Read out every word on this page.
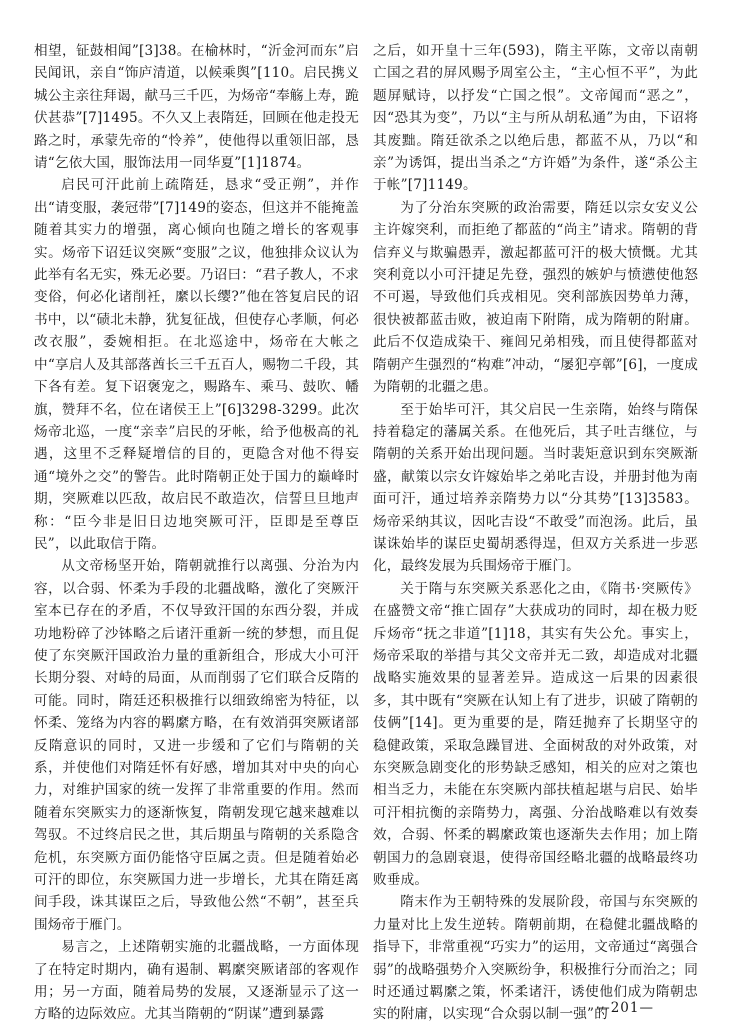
相望，钲鼓相闻”[3]38。在榆林时，“沂金河而东”启民闻讯，亲自“饰庐清道，以候乘舆”[110。启民携义城公主亲往拜谒，献马三千匹，为炀帝“奉觞上寿，跪伏甚恭”[7]1495。不久又上表隋廷，回顾在他走投无路之时，承蒙先帝的“怜养”，使他得以重领旧部，恳请“乞依大国，服饰法用一同华夏”[1]1874。

启民可汗此前上疏隋廷，恳求“受正朔”，并作出“请变服，袭冠带”[7]149的姿态，但这并不能掩盖随着其实力的增强，离心倾向也随之增长的客观事实。炀帝下诏廷议突厥“变服”之议，他独排众议认为此举有名无实，殊无必要。乃诏曰：“君子教人，不求变俗，何必化诸削衽，縻以长缨?”他在答复启民的诏书中，以“碛北未静，犹复征战，但使存心孝顺，何必改衣服”，委婉相拒。在北巡途中，炀帝在大帐之中“享启人及其部落酋长三千五百人，赐物二千段，其下各有差。复下诏褒宠之，赐路车、乘马、鼓吹、幡旗，赞拜不名，位在诸侯王上”[6]3298-3299。此次炀帝北巡，一度“亲幸”启民的牙帐，给予他极高的礼遇，这里不乏释疑增信的目的，更隐含对他不得妄通“境外之交”的警告。此时隋朝正处于国力的巅峰时期，突厥难以匹敌，故启民不敢造次，信誓旦旦地声称：“臣今非是旧日边地突厥可汗，臣即是至尊臣民”，以此取信于隋。

从文帝杨坚开始，隋朝就推行以离强、分治为内容，以合弱、怀柔为手段的北疆战略，激化了突厥汗室本已存在的矛盾，不仅导致汗国的东西分裂，并成功地粉碎了沙钵略之后诸汗重新一统的梦想，而且促使了东突厥汗国政治力量的重新组合，形成大小可汗长期分裂、对峙的局面，从而削弱了它们联合反隋的可能。同时，隋廷还积极推行以细致绵密为特征，以怀柔、笼络为内容的羁縻方略，在有效消弭突厥诸部反隋意识的同时，又进一步缓和了它们与隋朝的关系，并使他们对隋廷怀有好感，增加其对中央的向心力，对维护国家的统一发挥了非常重要的作用。然而随着东突厥实力的逐渐恢复，隋朝发现它越来越难以驾驭。不过终启民之世，其后期虽与隋朝的关系隐含危机，东突厥方面仍能恪守臣属之责。但是随着始必可汗的即位，东突厥国力进一步增长，尤其在隋廷离间手段，诛其谋臣之后，导致他公然“不朝”，甚至兵围炀帝于雁门。

易言之，上述隋朝实施的北疆战略，一方面体现了在特定时期内，确有遏制、羁縻突厥诸部的客观作用；另一方面，随着局势的发展，又逐渐显示了这一方略的边际效应。尤其当隋朝的“阴谋”遭到暴露

之后，如开皇十三年(593)，隋主平陈，文帝以南朝亡国之君的屏风赐予周室公主，“主心恒不平”，为此题屏赋诗，以抒发“亡国之恨”。文帝闻而“恶之”，因“恐其为变”，乃以“主与所从胡私通”为由，下诏将其废黜。隋廷欲杀之以绝后患，都蓝不从，乃以“和亲”为诱饵，提出当杀之“方许婚”为条件，遂“杀公主于帐”[7]1149。

为了分治东突厥的政治需要，隋廷以宗女安义公主许嫁突利，而拒绝了都蓝的“尚主”请求。隋朝的背信弃义与欺骗愚弄，激起都蓝可汗的极大愤慨。尤其突利竟以小可汗捷足先登，强烈的嫉妒与愤懑使他怒不可遏，导致他们兵戎相见。突利部族因势单力薄，很快被都蓝击败，被迫南下附隋，成为隋朝的附庸。此后不仅造成染干、雍闾兄弟相残，而且使得都蓝对隋朝产生强烈的“构难”冲动，“屡犯亭鄣”[6]，一度成为隋朝的北疆之患。

至于始毕可汗，其父启民一生亲隋，始终与隋保持着稳定的藩属关系。在他死后，其子吐吉继位，与隋朝的关系开始出现问题。当时裴矩意识到东突厥渐盛，献策以宗女许嫁始毕之弟叱吉设，并册封他为南面可汗，通过培养亲隋势力以“分其势”[13]3583。炀帝采纳其议，因叱吉设“不敢受”而泡汤。此后，虽谋诛始毕的谋臣史蜀胡悉得逞，但双方关系进一步恶化，最终发展为兵围炀帝于雁门。

关于隋与东突厥关系恶化之由，《隋书·突厥传》在盛赞文帝“推亡固存”大获成功的同时，却在极力贬斥炀帝“抚之非道”[1]18，其实有失公允。事实上，炀帝采取的举措与其父文帝并无二致，却造成对北疆战略实施效果的显著差异。造成这一后果的因素很多，其中既有“突厥在认知上有了进步，识破了隋朝的伎俩”[14]。更为重要的是，隋廷抛弃了长期坚守的稳健政策，采取急躁冒进、全面树敌的对外政策，对东突厥急剧变化的形势缺乏感知，相关的应对之策也相当乏力，未能在东突厥内部扶植起堪与启民、始毕可汗相抗衡的亲隋势力，离强、分治战略难以有效奏效，合弱、怀柔的羁縻政策也逐渐失去作用；加上隋朝国力的急剧衰退，使得帝国经略北疆的战略最终功败垂成。

隋末作为王朝特殊的发展阶段，帝国与东突厥的力量对比上发生逆转。隋朝前期，在稳健北疆战略的指导下，非常重视“巧实力”的运用，文帝通过“离强合弱”的战略强势介入突厥纷争，积极推行分而治之；同时还通过羁縻之策，怀柔诸汗，诱使他们成为隋朝忠实的附庸，以实现“合众弱以制一强”的

—201—
